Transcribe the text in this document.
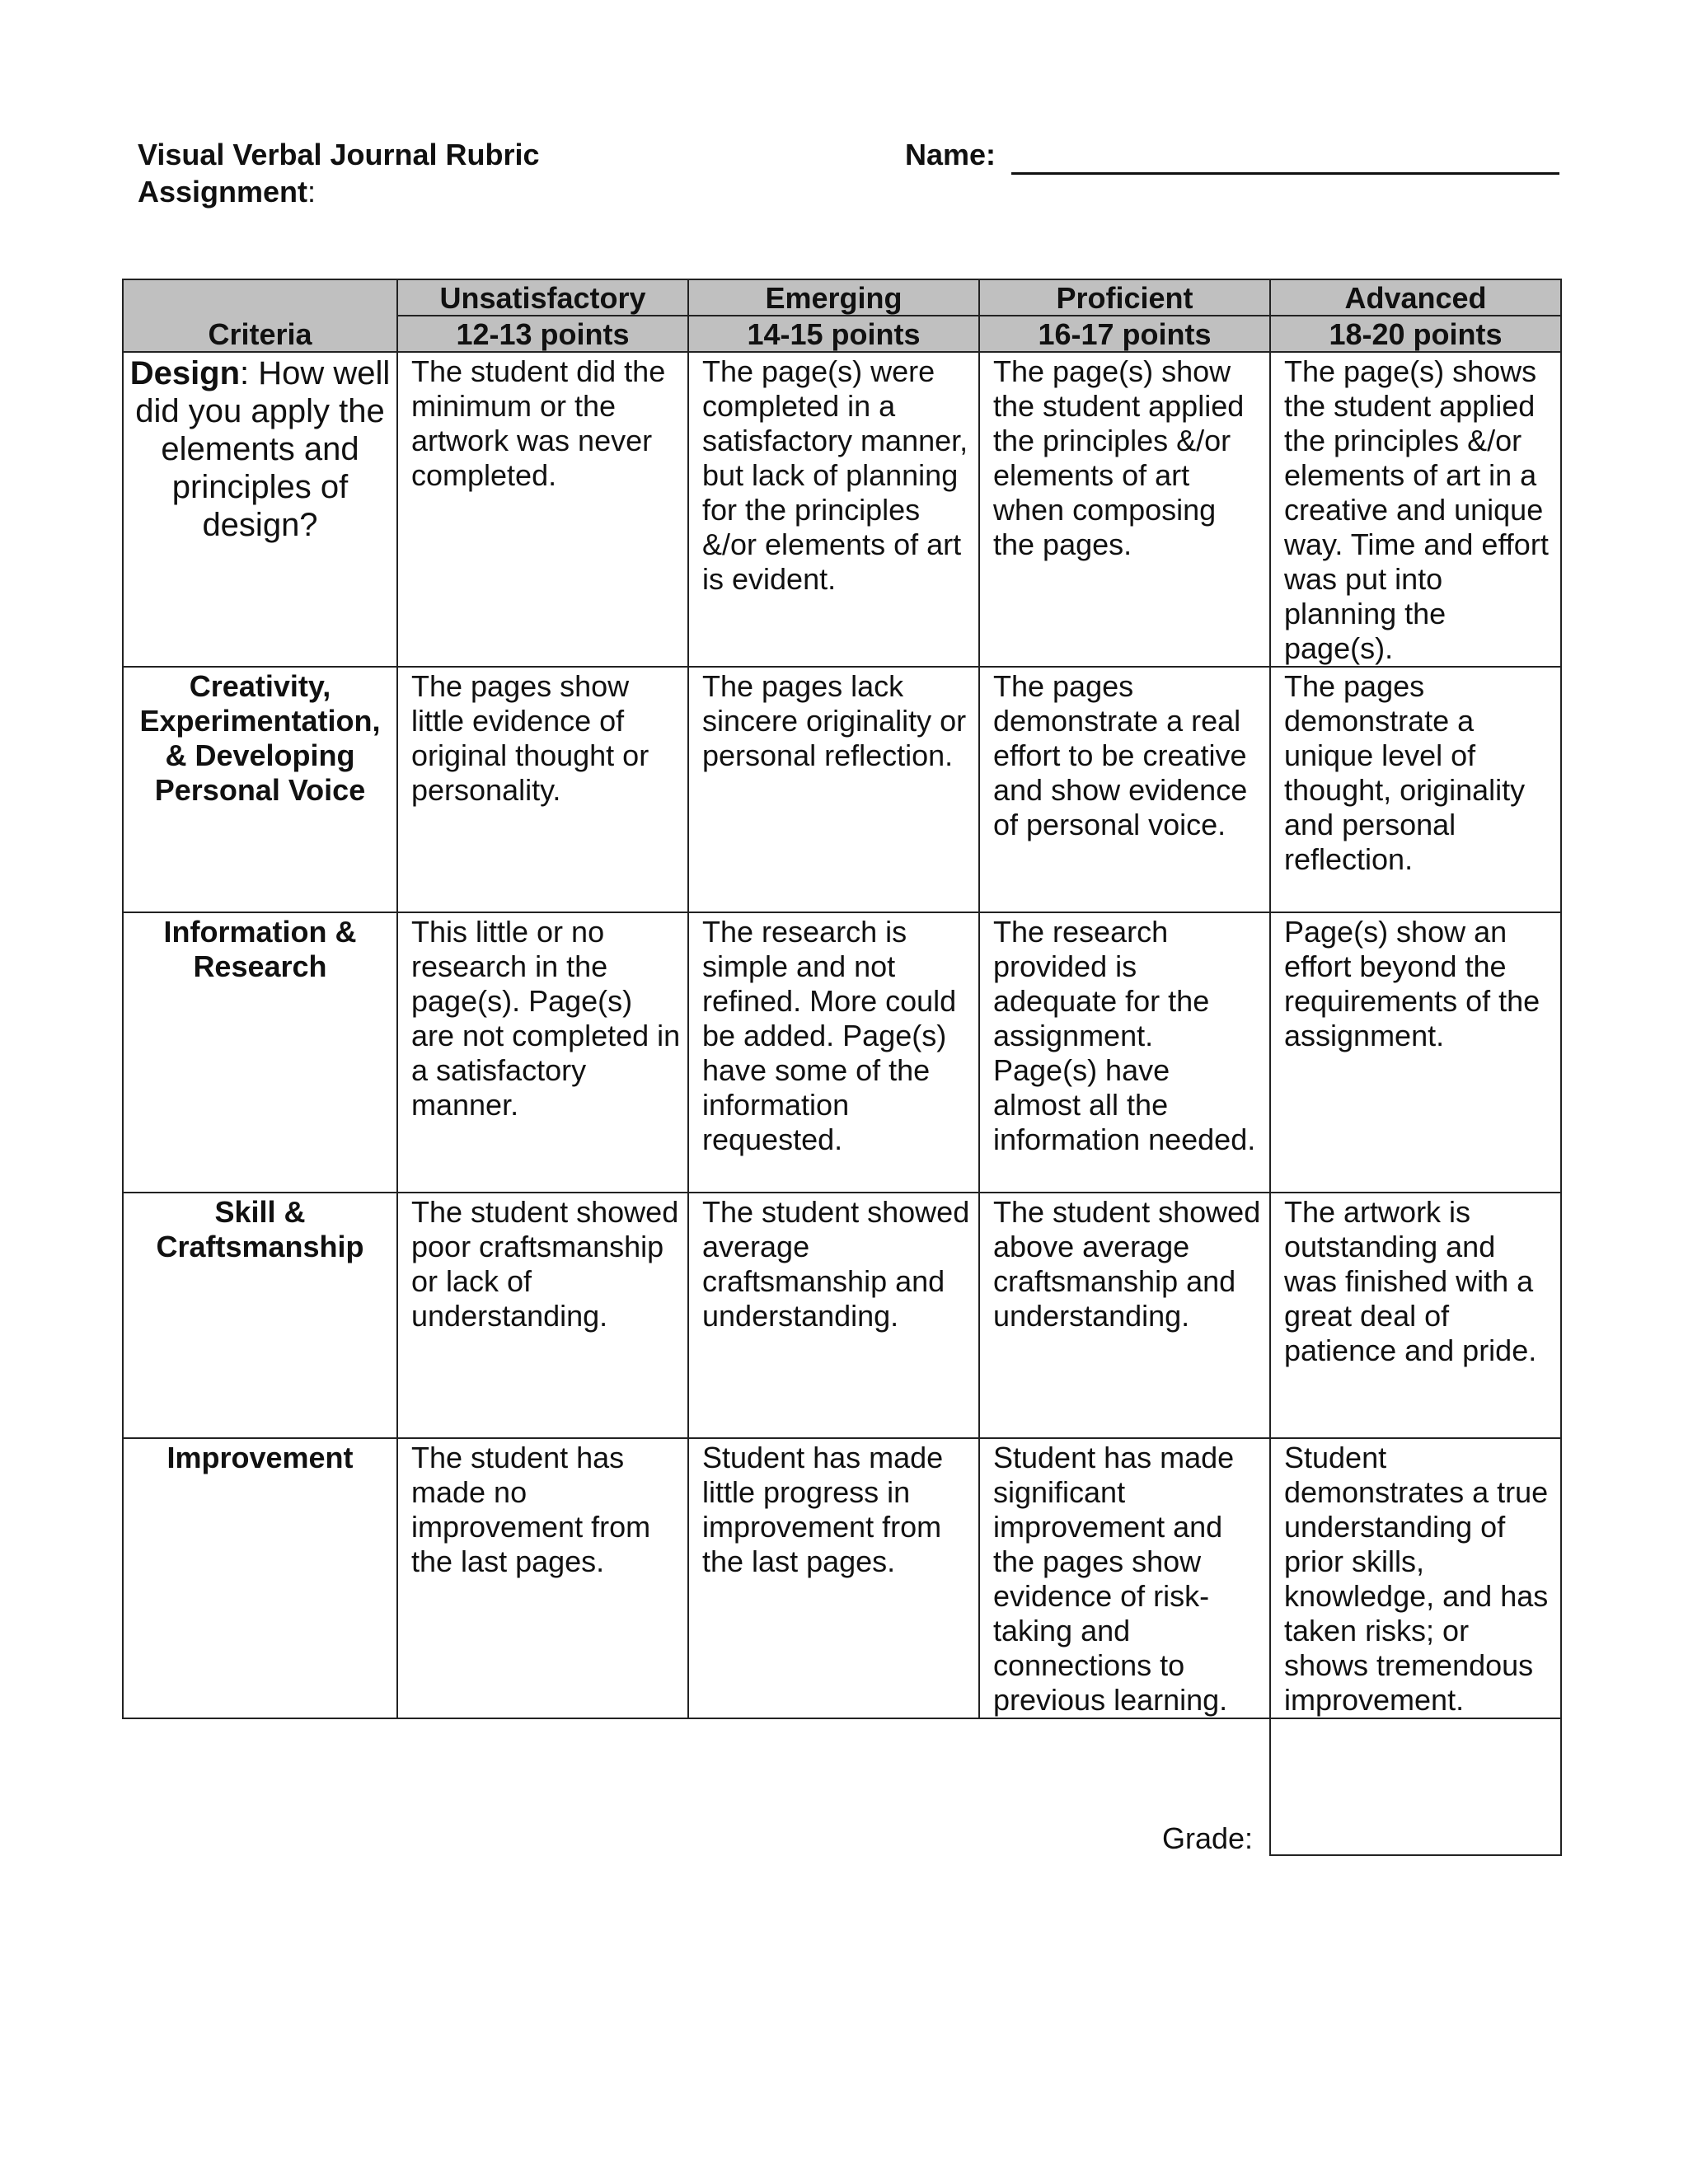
Visual Verbal Journal Rubric
Assignment:
Name:
Criteria	Unsatisfactory	Emerging	Proficient	Advanced
	12-13 points	14-15 points	16-17 points	18-20 points

Design: How well did you apply the elements and principles of design?	The student did the minimum or the artwork was never completed.	The page(s) were completed in a satisfactory manner, but lack of planning for the principles &/or elements of art is evident.	The page(s) show the student applied the principles &/or elements of art when composing the pages.	The page(s) shows the student applied the principles &/or elements of art in a creative and unique way. Time and effort was put into planning the page(s).

Creativity, Experimentation, & Developing Personal Voice	The pages show little evidence of original thought or personality.	The pages lack sincere originality or personal reflection.	The pages demonstrate a real effort to be creative and show evidence of personal voice.	The pages demonstrate a unique level of thought, originality and personal reflection.

Information & Research	This little or no research in the page(s). Page(s) are not completed in a satisfactory manner.	The research is simple and not refined. More could be added. Page(s) have some of the information requested.	The research provided is adequate for the assignment. Page(s) have almost all the information needed.	Page(s) show an effort beyond the requirements of the assignment.

Skill & Craftsmanship	The student showed poor craftsmanship or lack of understanding.	The student showed average craftsmanship and understanding.	The student showed above average craftsmanship and understanding.	The artwork is outstanding and was finished with a great deal of patience and pride.

Improvement	The student has made no improvement from the last pages.	Student has made little progress in improvement from the last pages.	Student has made significant improvement and the pages show evidence of risk-taking and connections to previous learning.	Student demonstrates a true understanding of prior skills, knowledge, and has taken risks; or shows tremendous improvement.
Grade:
